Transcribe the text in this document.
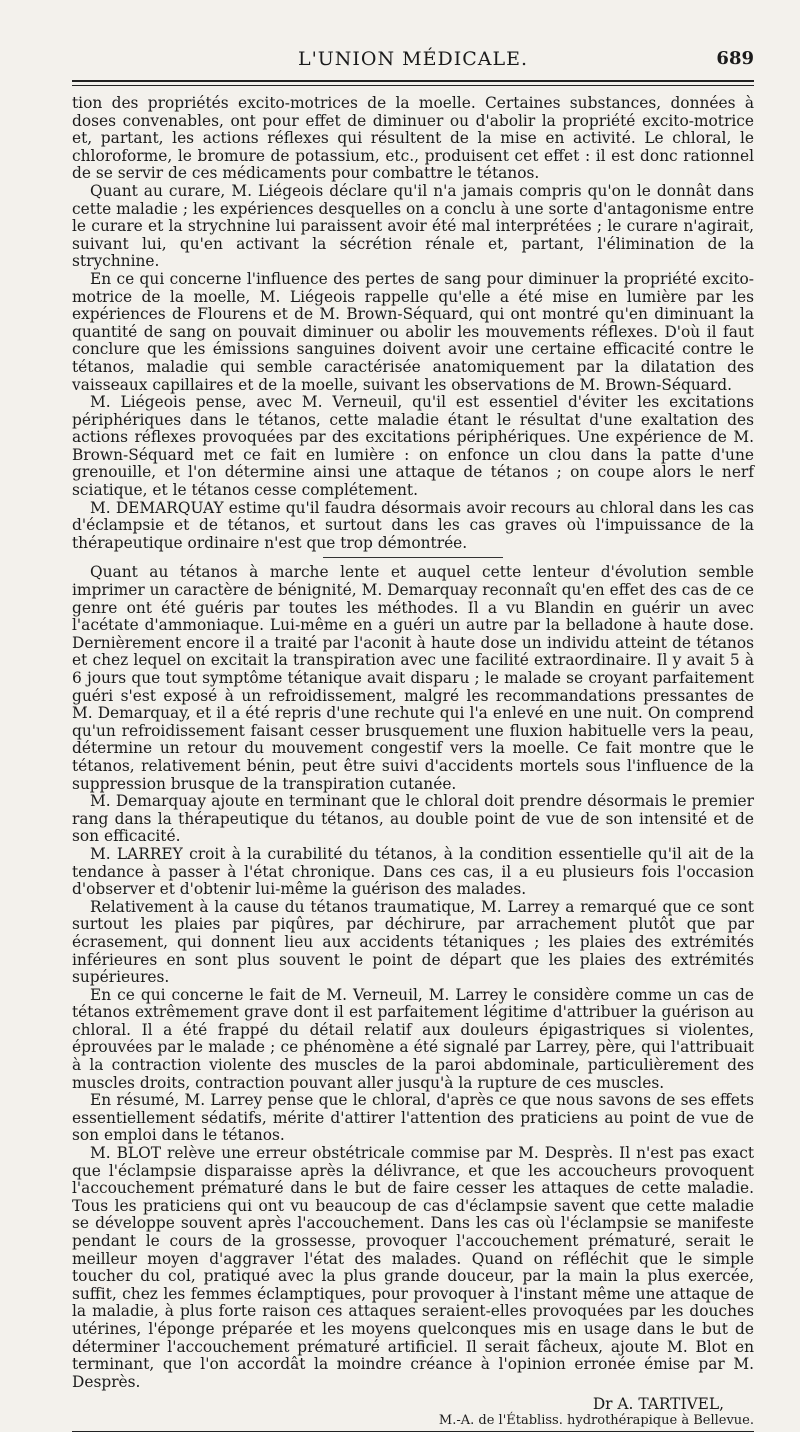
L'UNION MÉDICALE.	689

tion des propriétés excito-motrices de la moelle. Certaines substances, données à doses convenables, ont pour effet de diminuer ou d'abolir la propriété excito-motrice et, partant, les actions réflexes qui résultent de la mise en activité. Le chloral, le chloroforme, le bromure de potassium, etc., produisent cet effet : il est donc rationnel de se servir de ces médicaments pour combattre le tétanos.

Quant au curare, M. Liégeois déclare qu'il n'a jamais compris qu'on le donnât dans cette maladie ; les expériences desquelles on a conclu à une sorte d'antagonisme entre le curare et la strychnine lui paraissent avoir été mal interprétées ; le curare n'agirait, suivant lui, qu'en activant la sécrétion rénale et, partant, l'élimination de la strychnine.

En ce qui concerne l'influence des pertes de sang pour diminuer la propriété excito-motrice de la moelle, M. Liégeois rappelle qu'elle a été mise en lumière par les expériences de Flourens et de M. Brown-Séquard, qui ont montré qu'en diminuant la quantité de sang on pouvait diminuer ou abolir les mouvements réflexes. D'où il faut conclure que les émissions sanguines doivent avoir une certaine efficacité contre le tétanos, maladie qui semble caractérisée anatomiquement par la dilatation des vaisseaux capillaires et de la moelle, suivant les observations de M. Brown-Séquard.

M. Liégeois pense, avec M. Verneuil, qu'il est essentiel d'éviter les excitations périphériques dans le tétanos, cette maladie étant le résultat d'une exaltation des actions réflexes provoquées par des excitations périphériques. Une expérience de M. Brown-Séquard met ce fait en lumière : on enfonce un clou dans la patte d'une grenouille, et l'on détermine ainsi une attaque de tétanos ; on coupe alors le nerf sciatique, et le tétanos cesse complétement.

M. DEMARQUAY estime qu'il faudra désormais avoir recours au chloral dans les cas d'éclampsie et de tétanos, et surtout dans les cas graves où l'impuissance de la thérapeutique ordinaire n'est que trop démontrée.

Quant au tétanos à marche lente et auquel cette lenteur d'évolution semble imprimer un caractère de bénignité, M. Demarquay reconnaît qu'en effet des cas de ce genre ont été guéris par toutes les méthodes. Il a vu Blandin en guérir un avec l'acétate d'ammoniaque. Lui-même en a guéri un autre par la belladone à haute dose. Dernièrement encore il a traité par l'aconit à haute dose un individu atteint de tétanos et chez lequel on excitait la transpiration avec une facilité extraordinaire. Il y avait 5 à 6 jours que tout symptôme tétanique avait disparu ; le malade se croyant parfaitement guéri s'est exposé à un refroidissement, malgré les recommandations pressantes de M. Demarquay, et il a été repris d'une rechute qui l'a enlevé en une nuit. On comprend qu'un refroidissement faisant cesser brusquement une fluxion habituelle vers la peau, détermine un retour du mouvement congestif vers la moelle. Ce fait montre que le tétanos, relativement bénin, peut être suivi d'accidents mortels sous l'influence de la suppression brusque de la transpiration cutanée.

M. Demarquay ajoute en terminant que le chloral doit prendre désormais le premier rang dans la thérapeutique du tétanos, au double point de vue de son intensité et de son efficacité.

M. LARREY croit à la curabilité du tétanos, à la condition essentielle qu'il ait de la tendance à passer à l'état chronique. Dans ces cas, il a eu plusieurs fois l'occasion d'observer et d'obtenir lui-même la guérison des malades.

Relativement à la cause du tétanos traumatique, M. Larrey a remarqué que ce sont surtout les plaies par piqûres, par déchirure, par arrachement plutôt que par écrasement, qui donnent lieu aux accidents tétaniques ; les plaies des extrémités inférieures en sont plus souvent le point de départ que les plaies des extrémités supérieures.

En ce qui concerne le fait de M. Verneuil, M. Larrey le considère comme un cas de tétanos extrêmement grave dont il est parfaitement légitime d'attribuer la guérison au chloral. Il a été frappé du détail relatif aux douleurs épigastriques si violentes, éprouvées par le malade ; ce phénomène a été signalé par Larrey, père, qui l'attribuait à la contraction violente des muscles de la paroi abdominale, particulièrement des muscles droits, contraction pouvant aller jusqu'à la rupture de ces muscles.

En résumé, M. Larrey pense que le chloral, d'après ce que nous savons de ses effets essentiellement sédatifs, mérite d'attirer l'attention des praticiens au point de vue de son emploi dans le tétanos.

M. BLOT relève une erreur obstétricale commise par M. Desprès. Il n'est pas exact que l'éclampsie disparaisse après la délivrance, et que les accoucheurs provoquent l'accouchement prématuré dans le but de faire cesser les attaques de cette maladie. Tous les praticiens qui ont vu beaucoup de cas d'éclampsie savent que cette maladie se développe souvent après l'accouchement. Dans les cas où l'éclampsie se manifeste pendant le cours de la grossesse, provoquer l'accouchement prématuré, serait le meilleur moyen d'aggraver l'état des malades. Quand on réfléchit que le simple toucher du col, pratiqué avec la plus grande douceur, par la main la plus exercée, suffit, chez les femmes éclamptiques, pour provoquer à l'instant même une attaque de la maladie, à plus forte raison ces attaques seraient-elles provoquées par les douches utérines, l'éponge préparée et les moyens quelconques mis en usage dans le but de déterminer l'accouchement prématuré artificiel. Il serait fâcheux, ajoute M. Blot en terminant, que l'on accordât la moindre créance à l'opinion erronée émise par M. Desprès.

Dr A. TARTIVEL,
M.-A. de l'Établiss. hydrothérapique à Bellevue.
